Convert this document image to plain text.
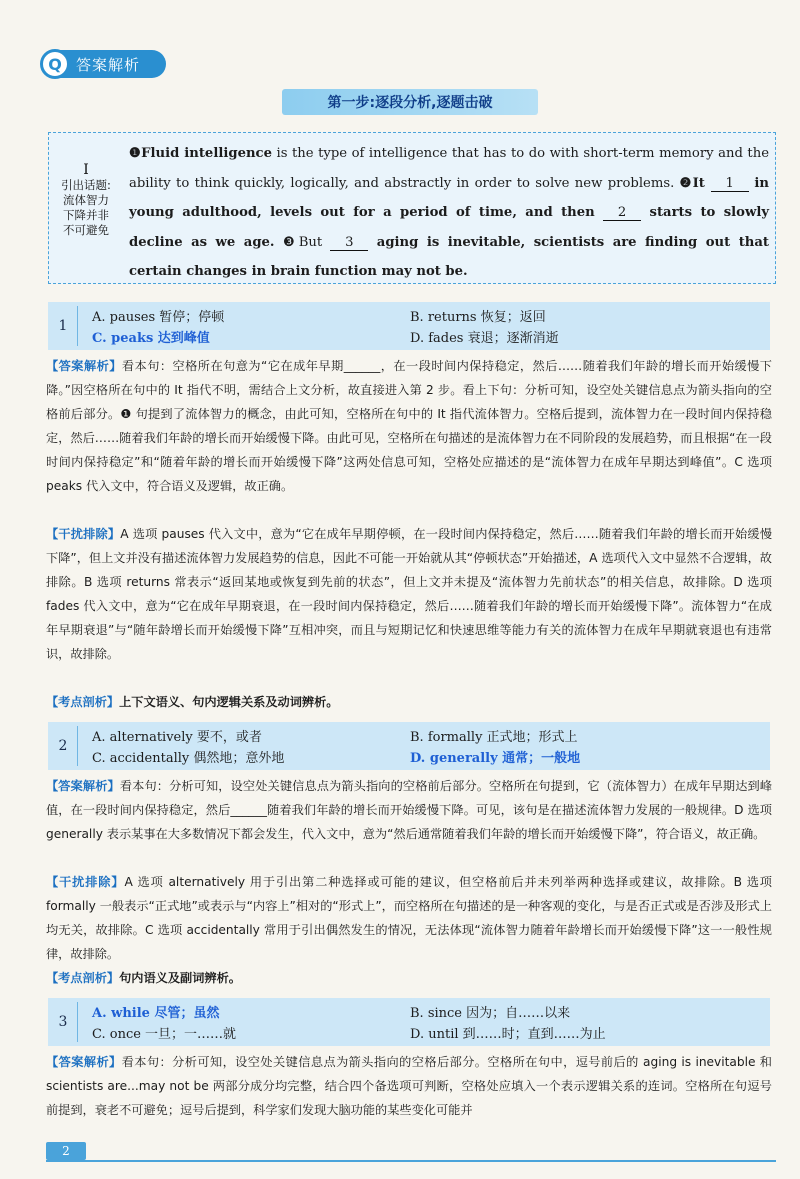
Q 答案解析
第一步:逐段分析,逐题击破
I
引出话题:
流体智力
下降并非
不可避免
❶Fluid intelligence is the type of intelligence that has to do with short-term memory and the ability to think quickly, logically, and abstractly in order to solve new problems. ❷It 1 in young adulthood, levels out for a period of time, and then 2 starts to slowly decline as we age. ❸But 3 aging is inevitable, scientists are finding out that certain changes in brain function may not be.
1
A. pauses 暂停；停顿	B. returns 恢复；返回
C. peaks 达到峰值	D. fades 衰退；逐渐消逝
【答案解析】看本句：空格所在句意为“它在成年早期______，在一段时间内保持稳定，然后……随着我们年龄的增长而开始缓慢下降。”因空格所在句中的 It 指代不明，需结合上文分析，故直接进入第 2 步。看上下句：分析可知，设空处关键信息点为箭头指向的空格前后部分。❶ 句提到了流体智力的概念，由此可知，空格所在句中的 It 指代流体智力。空格后提到，流体智力在一段时间内保持稳定，然后……随着我们年龄的增长而开始缓慢下降。由此可见，空格所在句描述的是流体智力在不同阶段的发展趋势，而且根据“在一段时间内保持稳定”和“随着年龄的增长而开始缓慢下降”这两处信息可知，空格处应描述的是“流体智力在成年早期达到峰值”。C 选项 peaks 代入文中，符合语义及逻辑，故正确。
【干扰排除】A 选项 pauses 代入文中，意为“它在成年早期停顿，在一段时间内保持稳定，然后……随着我们年龄的增长而开始缓慢下降”，但上文并没有描述流体智力发展趋势的信息，因此不可能一开始就从其“停顿状态”开始描述，A 选项代入文中显然不合逻辑，故排除。B 选项 returns 常表示“返回某地或恢复到先前的状态”，但上文并未提及“流体智力先前状态”的相关信息，故排除。D 选项 fades 代入文中，意为“它在成年早期衰退，在一段时间内保持稳定，然后……随着我们年龄的增长而开始缓慢下降”。流体智力“在成年早期衰退”与“随年龄增长而开始缓慢下降”互相冲突，而且与短期记忆和快速思维等能力有关的流体智力在成年早期就衰退也有违常识，故排除。
【考点剖析】上下文语义、句内逻辑关系及动词辨析。
2
A. alternatively 要不，或者	B. formally 正式地；形式上
C. accidentally 偶然地；意外地	D. generally 通常；一般地
【答案解析】看本句：分析可知，设空处关键信息点为箭头指向的空格前后部分。空格所在句提到，它（流体智力）在成年早期达到峰值，在一段时间内保持稳定，然后______随着我们年龄的增长而开始缓慢下降。可见，该句是在描述流体智力发展的一般规律。D 选项 generally 表示某事在大多数情况下都会发生，代入文中，意为“然后通常随着我们年龄的增长而开始缓慢下降”，符合语义，故正确。
【干扰排除】A 选项 alternatively 用于引出第二种选择或可能的建议，但空格前后并未列举两种选择或建议，故排除。B 选项 formally 一般表示“正式地”或表示与“内容上”相对的“形式上”，而空格所在句描述的是一种客观的变化，与是否正式或是否涉及形式上均无关，故排除。C 选项 accidentally 常用于引出偶然发生的情况，无法体现“流体智力随着年龄增长而开始缓慢下降”这一一般性规律，故排除。
【考点剖析】句内语义及副词辨析。
3
A. while 尽管；虽然	B. since 因为；自……以来
C. once 一旦；一……就	D. until 到……时；直到……为止
【答案解析】看本句：分析可知，设空处关键信息点为箭头指向的空格后部分。空格所在句中，逗号前后的 aging is inevitable 和 scientists are...may not be 两部分成分均完整，结合四个备选项可判断，空格处应填入一个表示逻辑关系的连词。空格所在句逗号前提到，衰老不可避免；逗号后提到，科学家们发现大脑功能的某些变化可能并
2
